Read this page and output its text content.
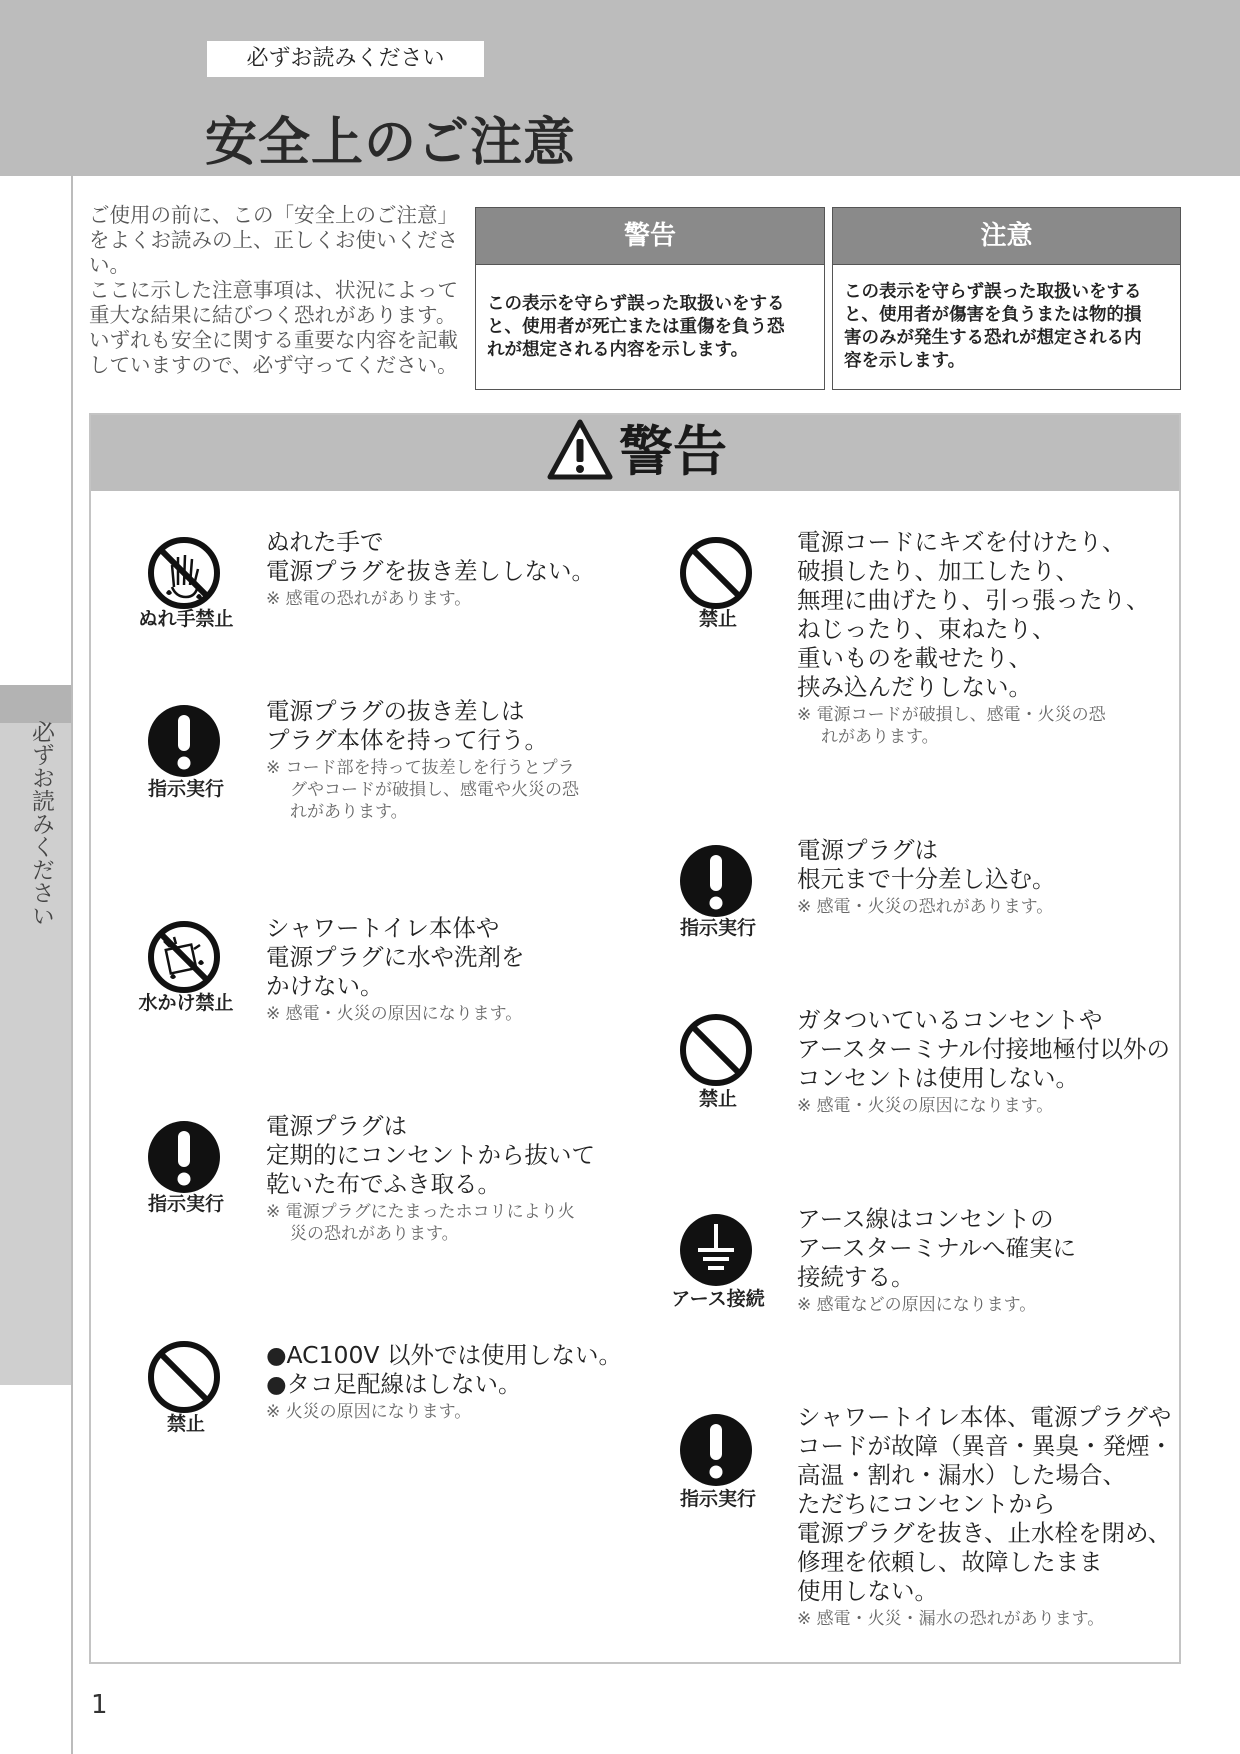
必ずお読みください
安全上のご注意
必ずお読みください
ご使用の前に、この「安全上のご注意」
をよくお読みの上、正しくお使いくださ
い。
ここに示した注意事項は、状況によって
重大な結果に結びつく恐れがあります。
いずれも安全に関する重要な内容を記載
していますので、必ず守ってください。
警告
この表示を守らず誤った取扱いをする
と、使用者が死亡または重傷を負う恐
れが想定される内容を示します。
注意
この表示を守らず誤った取扱いをする
と、使用者が傷害を負うまたは物的損
害のみが発生する恐れが想定される内
容を示します。
警告
ぬれ手禁止
ぬれた手で
電源プラグを抜き差ししない。
※ 感電の恐れがあります。
指示実行
電源プラグの抜き差しは
プラグ本体を持って行う。
※ コード部を持って抜差しを行うとプラ
グやコードが破損し、感電や火災の恐
れがあります。
水かけ禁止
シャワートイレ本体や
電源プラグに水や洗剤を
かけない。
※ 感電・火災の原因になります。
指示実行
電源プラグは
定期的にコンセントから抜いて
乾いた布でふき取る。
※ 電源プラグにたまったホコリにより火
災の恐れがあります。
禁止
●AC100V 以外では使用しない。
●タコ足配線はしない。
※ 火災の原因になります。
禁止
電源コードにキズを付けたり、
破損したり、加工したり、
無理に曲げたり、引っ張ったり、
ねじったり、束ねたり、
重いものを載せたり、
挟み込んだりしない。
※ 電源コードが破損し、感電・火災の恐
れがあります。
指示実行
電源プラグは
根元まで十分差し込む。
※ 感電・火災の恐れがあります。
禁止
ガタついているコンセントや
アースターミナル付接地極付以外の
コンセントは使用しない。
※ 感電・火災の原因になります。
アース接続
アース線はコンセントの
アースターミナルへ確実に
接続する。
※ 感電などの原因になります。
指示実行
シャワートイレ本体、電源プラグや
コードが故障（異音・異臭・発煙・
高温・割れ・漏水）した場合、
ただちにコンセントから
電源プラグを抜き、止水栓を閉め、
修理を依頼し、故障したまま
使用しない。
※ 感電・火災・漏水の恐れがあります。
1
